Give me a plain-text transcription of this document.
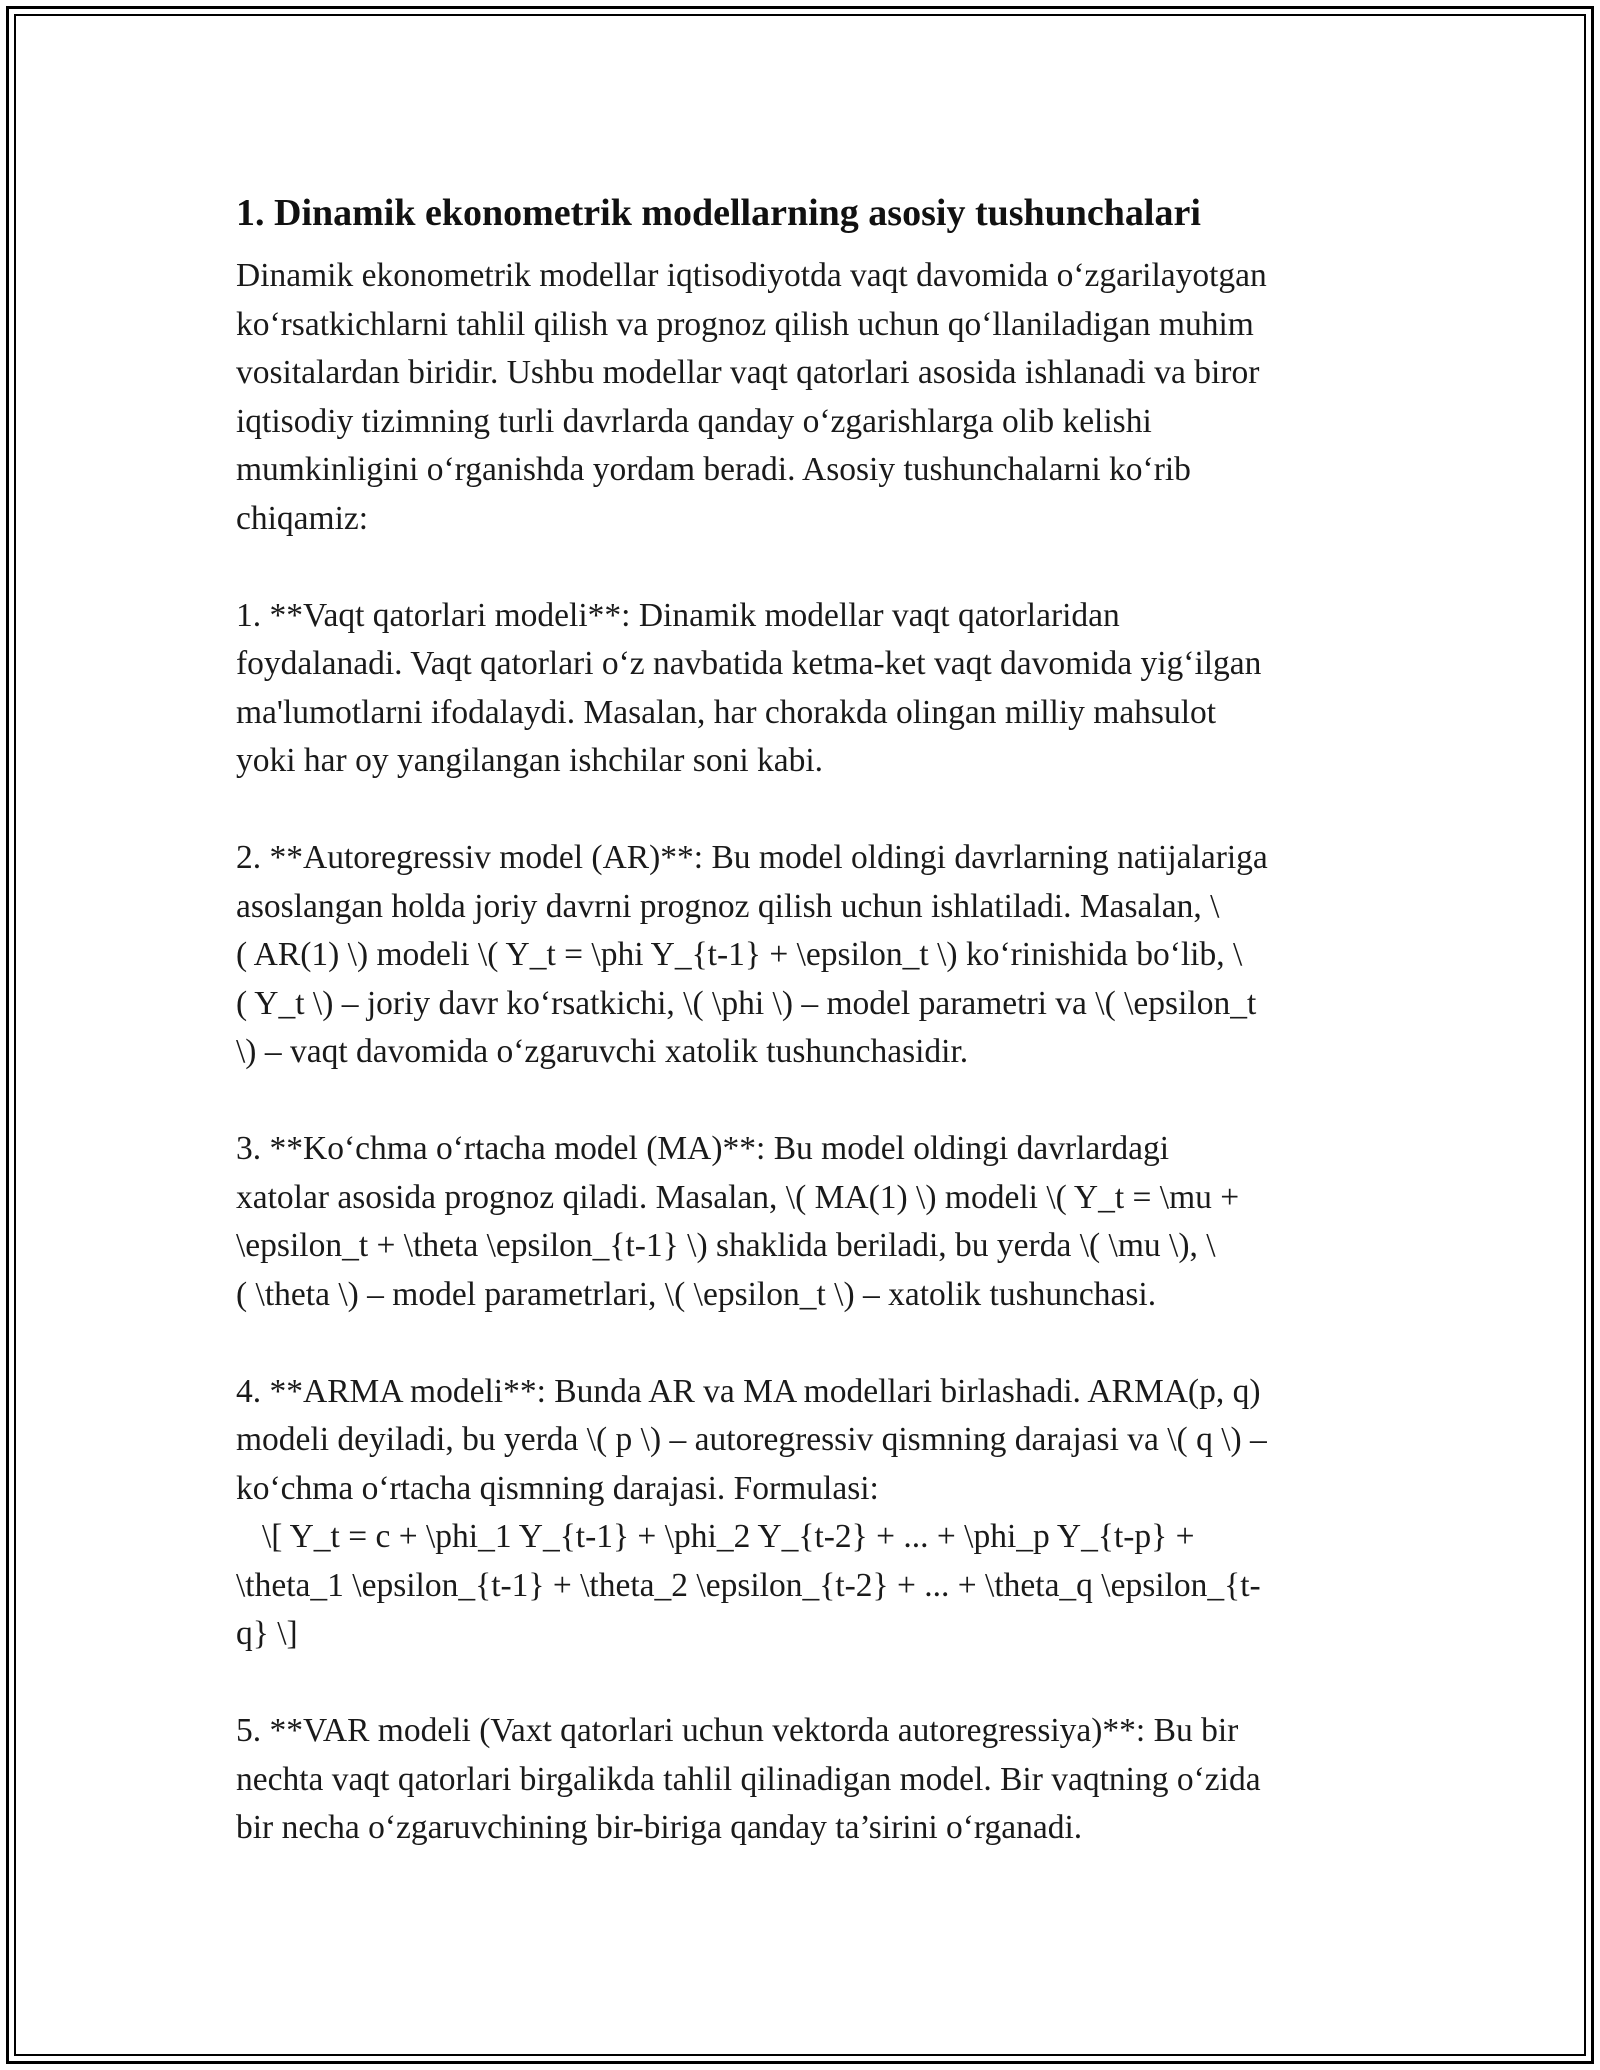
1. Dinamik ekonometrik modellarning asosiy tushunchalari

Dinamik ekonometrik modellar iqtisodiyotda vaqt davomida o‘zgarilayotgan
ko‘rsatkichlarni tahlil qilish va prognoz qilish uchun qo‘llaniladigan muhim
vositalardan biridir. Ushbu modellar vaqt qatorlari asosida ishlanadi va biror
iqtisodiy tizimning turli davrlarda qanday o‘zgarishlarga olib kelishi
mumkinligini o‘rganishda yordam beradi. Asosiy tushunchalarni ko‘rib
chiqamiz:

1. **Vaqt qatorlari modeli**: Dinamik modellar vaqt qatorlaridan
foydalanadi. Vaqt qatorlari o‘z navbatida ketma-ket vaqt davomida yig‘ilgan
ma'lumotlarni ifodalaydi. Masalan, har chorakda olingan milliy mahsulot
yoki har oy yangilangan ishchilar soni kabi.

2. **Autoregressiv model (AR)**: Bu model oldingi davrlarning natijalariga
asoslangan holda joriy davrni prognoz qilish uchun ishlatiladi. Masalan, \
( AR(1) \) modeli \( Y_t = \phi Y_{t-1} + \epsilon_t \) ko‘rinishida bo‘lib, \
( Y_t \) – joriy davr ko‘rsatkichi, \( \phi \) – model parametri va \( \epsilon_t
\) – vaqt davomida o‘zgaruvchi xatolik tushunchasidir.

3. **Ko‘chma o‘rtacha model (MA)**: Bu model oldingi davrlardagi
xatolar asosida prognoz qiladi. Masalan, \( MA(1) \) modeli \( Y_t = \mu +
\epsilon_t + \theta \epsilon_{t-1} \) shaklida beriladi, bu yerda \( \mu \), \
( \theta \) – model parametrlari, \( \epsilon_t \) – xatolik tushunchasi.

4. **ARMA modeli**: Bunda AR va MA modellari birlashadi. ARMA(p, q)
modeli deyiladi, bu yerda \( p \) – autoregressiv qismning darajasi va \( q \) –
ko‘chma o‘rtacha qismning darajasi. Formulasi:
\[ Y_t = c + \phi_1 Y_{t-1} + \phi_2 Y_{t-2} + ... + \phi_p Y_{t-p} +
\theta_1 \epsilon_{t-1} + \theta_2 \epsilon_{t-2} + ... + \theta_q \epsilon_{t-
q} \]

5. **VAR modeli (Vaxt qatorlari uchun vektorda autoregressiya)**: Bu bir
nechta vaqt qatorlari birgalikda tahlil qilinadigan model. Bir vaqtning o‘zida
bir necha o‘zgaruvchining bir-biriga qanday ta’sirini o‘rganadi.
